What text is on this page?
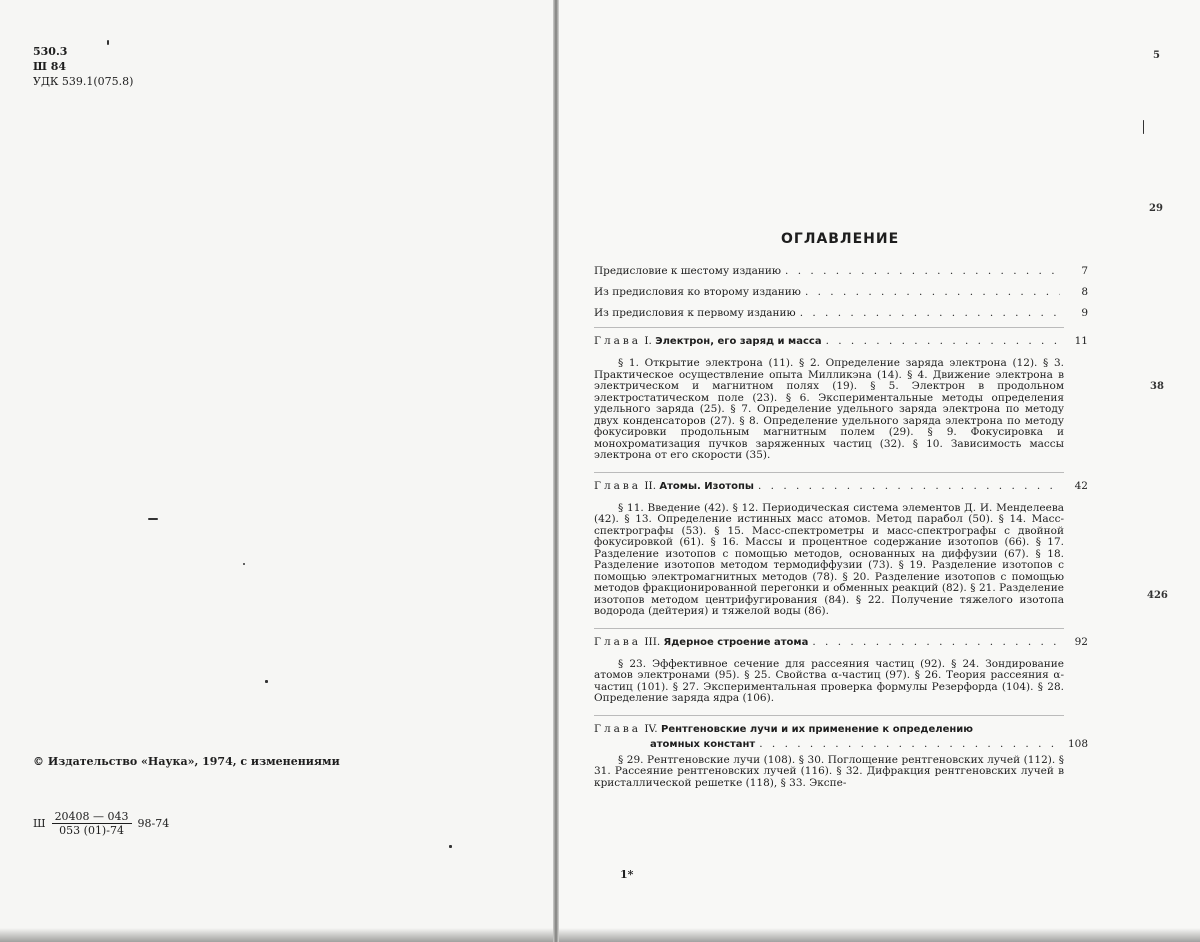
530.3
Ш 84
УДК 539.1(075.8)
© Издательство «Наука», 1974, с изменениями
Ш $\frac{20408 — 043}{053 (01)-74} 98-74$
ОГЛАВЛЕНИЕ
Предисловие к шестому изданию . . .	7
Из предисловия ко второму изданию . . .	8
Из предисловия к первому изданию . . .	9
Глава I. Электрон, его заряд и масса . . .	11
§ 1. Открытие электрона (11). § 2. Определение заряда электрона (12). § 3. Практическое осуществление опыта Милликэна (14). § 4. Движение электрона в электрическом и магнитном полях (19). § 5. Электрон в продольном электростатическом поле (23). § 6. Экспериментальные методы определения удельного заряда (25). § 7. Определение удельного заряда электрона по методу двух конденсаторов (27). § 8. Определение удельного заряда электрона по методу фокусировки продольным магнитным полем (29). § 9. Фокусировка и монохроматизация пучков заряженных частиц (32). § 10. Зависимость массы электрона от его скорости (35).
Глава II. Атомы. Изотопы . . .	42
§ 11. Введение (42). § 12. Периодическая система элементов Д. И. Менделеева (42). § 13. Определение истинных масс атомов. Метод парабол (50). § 14. Масс-спектрографы (53). § 15. Масс-спектрометры и масс-спектрографы с двойной фокусировкой (61). § 16. Массы и процентное содержание изотопов (66). § 17. Разделение изотопов с помощью методов, основанных на диффузии (67). § 18. Разделение изотопов методом термодиффузии (73). § 19. Разделение изотопов с помощью электромагнитных методов (78). § 20. Разделение изотопов с помощью методов фракционированной перегонки и обменных реакций (82). § 21. Разделение изотопов методом центрифугирования (84). § 22. Получение тяжелого изотопа водорода (дейтерия) и тяжелой воды (86).
Глава III. Ядерное строение атома . . .	92
§ 23. Эффективное сечение для рассеяния частиц (92). § 24. Зондирование атомов электронами (95). § 25. Свойства α-частиц (97). § 26. Теория рассеяния α-частиц (101). § 27. Экспериментальная проверка формулы Резерфорда (104). § 28. Определение заряда ядра (106).
Глава IV. Рентгеновские лучи и их применение к определению
атомных констант . . .	108
§ 29. Рентгеновские лучи (108). § 30. Поглощение рентгеновских лучей (112). § 31. Рассеяние рентгеновских лучей (116). § 32. Дифракция рентгеновских лучей в кристаллической решетке (118), § 33. Экспе-
1*
5
29
38
426
